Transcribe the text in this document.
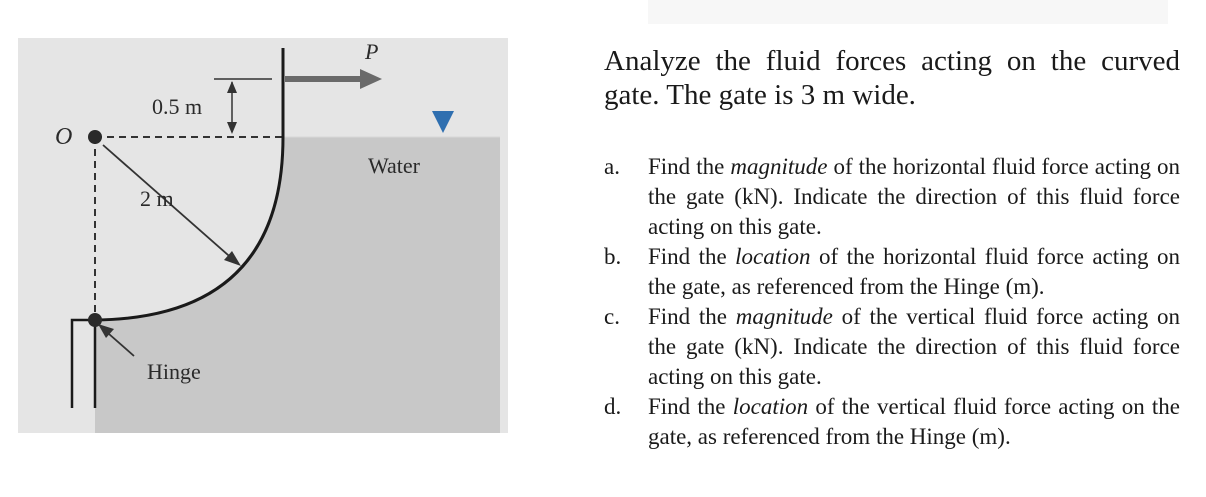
P
0.5 m
O
Water
2 m
Hinge

Analyze the fluid forces acting on the curved gate. The gate is 3 m wide.

a. Find the magnitude of the horizontal fluid force acting on the gate (kN). Indicate the direction of this fluid force acting on this gate.
b. Find the location of the horizontal fluid force acting on the gate, as referenced from the Hinge (m).
c. Find the magnitude of the vertical fluid force acting on the gate (kN). Indicate the direction of this fluid force acting on this gate.
d. Find the location of the vertical fluid force acting on the gate, as referenced from the Hinge (m).
